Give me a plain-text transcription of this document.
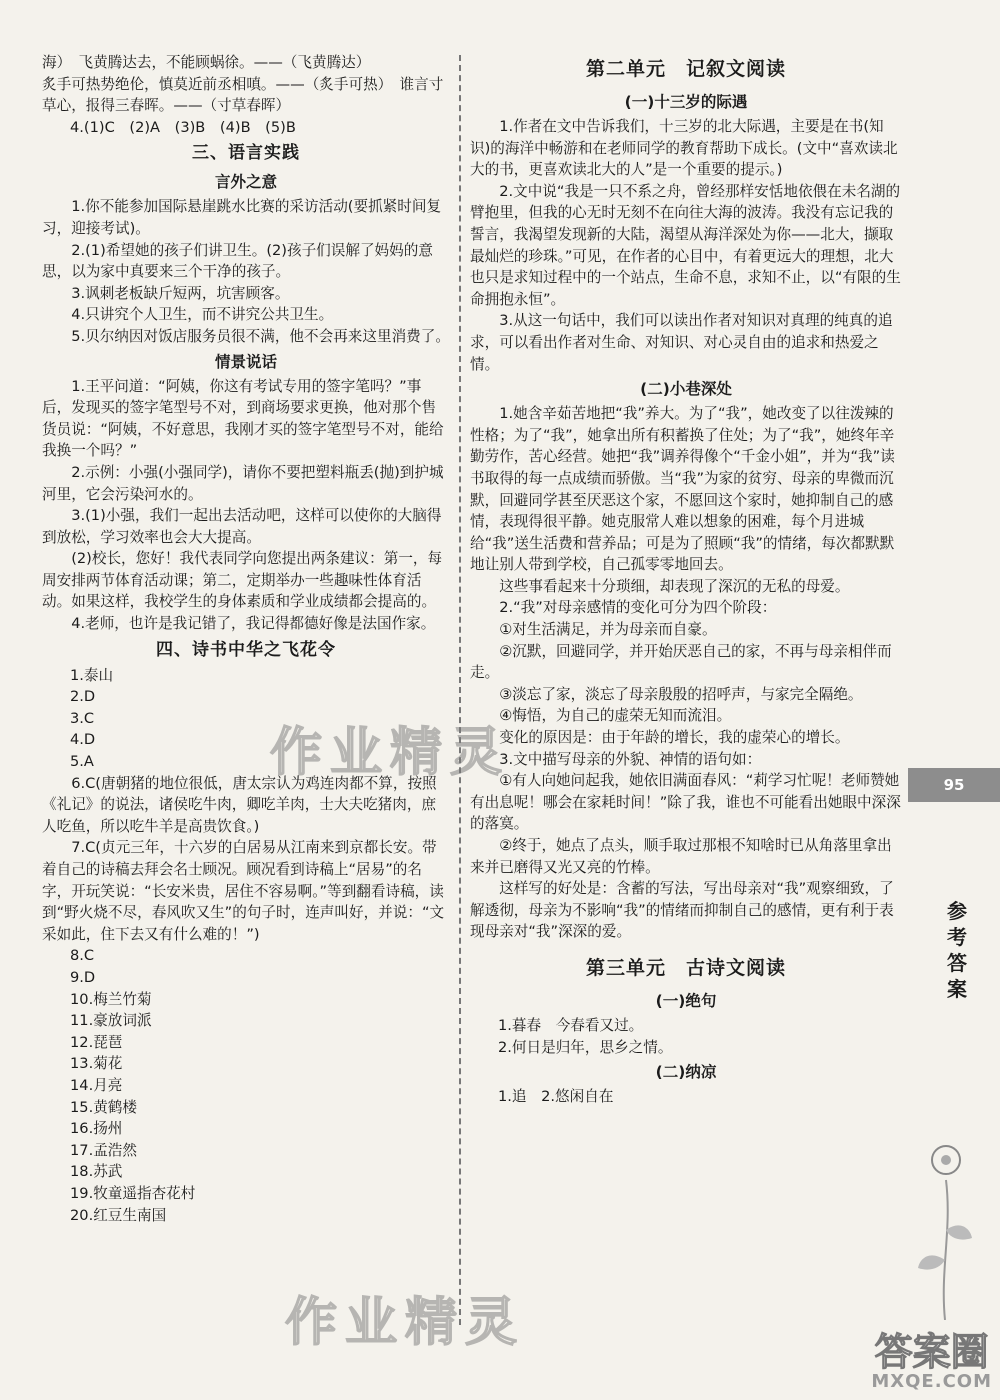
海）　飞黄腾达去，不能顾蜗徐。——（飞黄腾达）

炙手可热势绝伦，慎莫近前丞相嗔。——（炙手可热）　谁言寸草心，报得三春晖。——（寸草春晖）

4.(1)C　(2)A　(3)B　(4)B　(5)B

三、语言实践

言外之意

1.你不能参加国际悬崖跳水比赛的采访活动(要抓紧时间复习，迎接考试)。

2.(1)希望她的孩子们讲卫生。(2)孩子们误解了妈妈的意思，以为家中真要来三个干净的孩子。

3.讽刺老板缺斤短两，坑害顾客。

4.只讲究个人卫生，而不讲究公共卫生。

5.贝尔纳因对饭店服务员很不满，他不会再来这里消费了。

情景说话

1.王平问道：“阿姨，你这有考试专用的签字笔吗？”事后，发现买的签字笔型号不对，到商场要求更换，他对那个售货员说：“阿姨，不好意思，我刚才买的签字笔型号不对，能给我换一个吗？”

2.示例：小强(小强同学)，请你不要把塑料瓶丢(抛)到护城河里，它会污染河水的。

3.(1)小强，我们一起出去活动吧，这样可以使你的大脑得到放松，学习效率也会大大提高。

(2)校长，您好！我代表同学向您提出两条建议：第一，每周安排两节体育活动课；第二，定期举办一些趣味性体育活动。如果这样，我校学生的身体素质和学业成绩都会提高的。

4.老师，也许是我记错了，我记得都德好像是法国作家。

四、诗书中华之飞花令

1.泰山

2.D

3.C

4.D

5.A

6.C(唐朝猪的地位很低，唐太宗认为鸡连肉都不算，按照《礼记》的说法，诸侯吃牛肉，卿吃羊肉，士大夫吃猪肉，庶人吃鱼，所以吃牛羊是高贵饮食。)

7.C(贞元三年，十六岁的白居易从江南来到京都长安。带着自己的诗稿去拜会名士顾况。顾况看到诗稿上“居易”的名字，开玩笑说：“长安米贵，居住不容易啊。”等到翻看诗稿，读到“野火烧不尽，春风吹又生”的句子时，连声叫好，并说：“文采如此，住下去又有什么难的！”)

8.C

9.D

10.梅兰竹菊

11.豪放词派

12.琵琶

13.菊花

14.月亮

15.黄鹤楼

16.扬州

17.孟浩然

18.苏武

19.牧童遥指杏花村

20.红豆生南国

第二单元　记叙文阅读

(一)十三岁的际遇

1.作者在文中告诉我们，十三岁的北大际遇，主要是在书(知识)的海洋中畅游和在老师同学的教育帮助下成长。(文中“喜欢读北大的书，更喜欢读北大的人”是一个重要的提示。)

2.文中说“我是一只不系之舟，曾经那样安恬地依偎在未名湖的臂抱里，但我的心无时无刻不在向往大海的波涛。我没有忘记我的誓言，我渴望发现新的大陆，渴望从海洋深处为你——北大，撷取最灿烂的珍珠。”可见，在作者的心目中，有着更远大的理想，北大也只是求知过程中的一个站点，生命不息，求知不止，以“有限的生命拥抱永恒”。

3.从这一句话中，我们可以读出作者对知识对真理的纯真的追求，可以看出作者对生命、对知识、对心灵自由的追求和热爱之情。

(二)小巷深处

1.她含辛茹苦地把“我”养大。为了“我”，她改变了以往泼辣的性格；为了“我”，她拿出所有积蓄换了住处；为了“我”，她终年辛勤劳作，苦心经营。她把“我”调养得像个“千金小姐”，并为“我”读书取得的每一点成绩而骄傲。当“我”为家的贫穷、母亲的卑微而沉默，回避同学甚至厌恶这个家，不愿回这个家时，她抑制自己的感情，表现得很平静。她克服常人难以想象的困难，每个月进城给“我”送生活费和营养品；可是为了照顾“我”的情绪，每次都默默地让别人带到学校，自己孤零零地回去。

这些事看起来十分琐细，却表现了深沉的无私的母爱。

2.“我”对母亲感情的变化可分为四个阶段：

①对生活满足，并为母亲而自豪。

②沉默，回避同学，并开始厌恶自己的家，不再与母亲相伴而走。

③淡忘了家，淡忘了母亲殷殷的招呼声，与家完全隔绝。

④悔悟，为自己的虚荣无知而流泪。

变化的原因是：由于年龄的增长，我的虚荣心的增长。

3.文中描写母亲的外貌、神情的语句如：

①有人向她问起我，她依旧满面春风：“莉学习忙呢！老师赞她有出息呢！哪会在家耗时间！”除了我，谁也不可能看出她眼中深深的落寞。

②终于，她点了点头，顺手取过那根不知啥时已从角落里拿出来并已磨得又光又亮的竹棒。

这样写的好处是：含蓄的写法，写出母亲对“我”观察细致，了解透彻，母亲为不影响“我”的情绪而抑制自己的感情，更有利于表现母亲对“我”深深的爱。

第三单元　古诗文阅读

(一)绝句

1.暮春　今春看又过。

2.何日是归年，思乡之情。

(二)纳凉

1.追　2.悠闲自在

95
参考答案
作业精灵
作业精灵	答案圈
MXQE.COM
